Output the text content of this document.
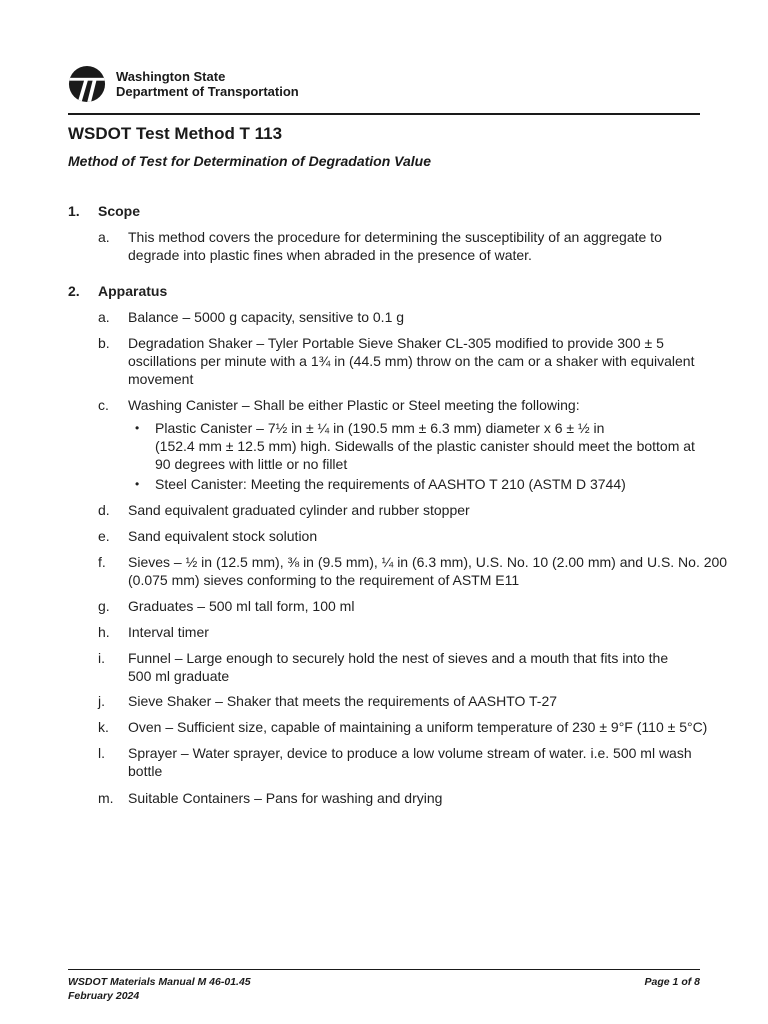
Washington State
Department of Transportation
WSDOT Test Method T 113
Method of Test for Determination of Degradation Value
1. Scope
a. This method covers the procedure for determining the susceptibility of an aggregate to
degrade into plastic fines when abraded in the presence of water.
2. Apparatus
a. Balance – 5000 g capacity, sensitive to 0.1 g
b. Degradation Shaker – Tyler Portable Sieve Shaker CL-305 modified to provide 300 ± 5
oscillations per minute with a 1¾ in (44.5 mm) throw on the cam or a shaker with equivalent
movement
c. Washing Canister – Shall be either Plastic or Steel meeting the following:
• Plastic Canister – 7½ in ± ¼ in (190.5 mm ± 6.3 mm) diameter x 6 ± ½ in
(152.4 mm ± 12.5 mm) high. Sidewalls of the plastic canister should meet the bottom at
90 degrees with little or no fillet
• Steel Canister: Meeting the requirements of AASHTO T 210 (ASTM D 3744)
d. Sand equivalent graduated cylinder and rubber stopper
e. Sand equivalent stock solution
f. Sieves – ½ in (12.5 mm), ⅜ in (9.5 mm), ¼ in (6.3 mm), U.S. No. 10 (2.00 mm) and U.S. No. 200
(0.075 mm) sieves conforming to the requirement of ASTM E11
g. Graduates – 500 ml tall form, 100 ml
h. Interval timer
i. Funnel – Large enough to securely hold the nest of sieves and a mouth that fits into the
500 ml graduate
j. Sieve Shaker – Shaker that meets the requirements of AASHTO T-27
k. Oven – Sufficient size, capable of maintaining a uniform temperature of 230 ± 9°F (110 ± 5°C)
l. Sprayer – Water sprayer, device to produce a low volume stream of water. i.e. 500 ml wash
bottle
m. Suitable Containers – Pans for washing and drying
WSDOT Materials Manual M 46-01.45
February 2024
Page 1 of 8
